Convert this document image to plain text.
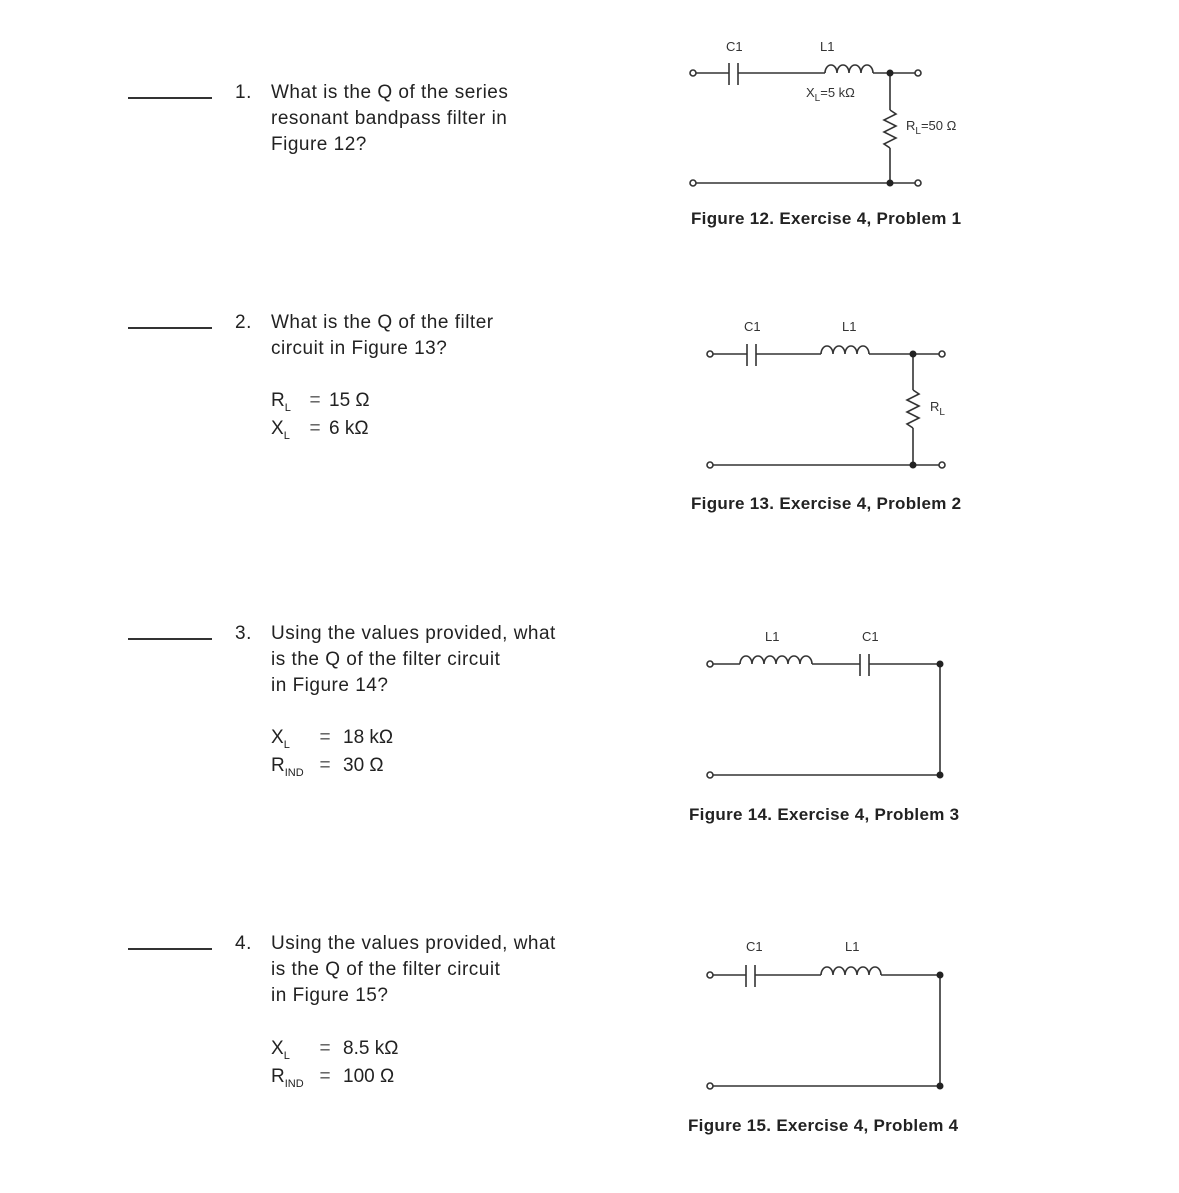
1. What is the Q of the series
resonant bandpass filter in
Figure 12?
C1	L1
$X_L=5$ kΩ
$R_L=50$ Ω
Figure 12. Exercise 4, Problem 1
2. What is the Q of the filter
circuit in Figure 13?
$R_L = 15$ Ω
$X_L$	= 6 kΩ
C1	L1
$R_L$
Figure 13. Exercise 4, Problem 2
3. Using the values provided, what
is the Q of the filter circuit
in Figure 14?
$X_L$	= 18 kΩ
$R_{IND} = 30$ Ω
L1	C1
Figure 14. Exercise 4, Problem 3
4. Using the values provided, what
is the Q of the filter circuit
in Figure 15?
$X_L$	= 8.5 kΩ
$R_{IND} = 100$ Ω
C1	L1
Figure 15. Exercise 4, Problem 4
